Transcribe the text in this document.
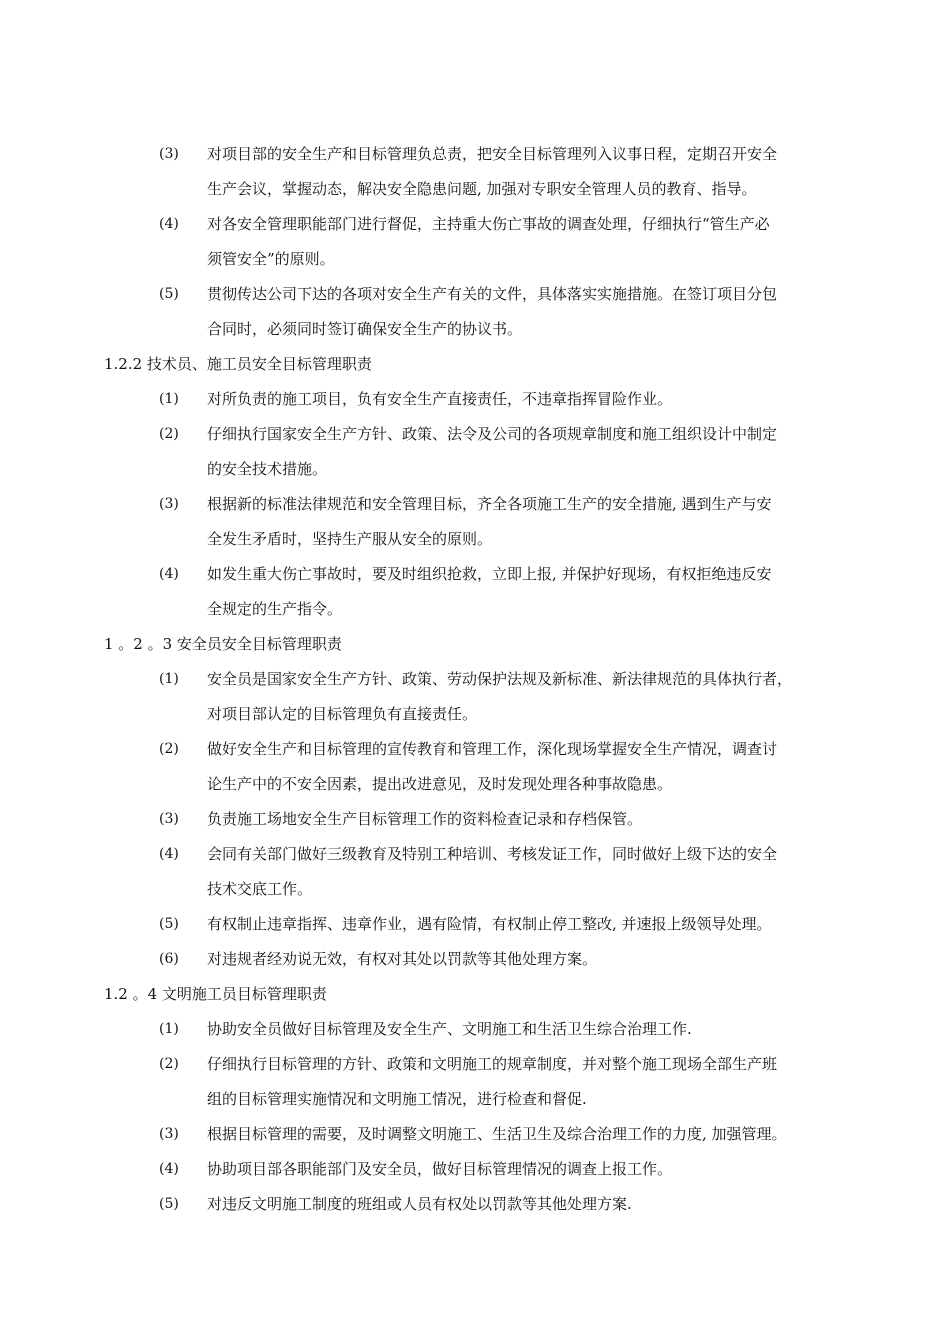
(3)	对项目部的安全生产和目标管理负总责，把安全目标管理列入议事日程，定期召开安全
生产会议，掌握动态，解决安全隐患问题, 加强对专职安全管理人员的教育、指导。
(4)	对各安全管理职能部门进行督促，主持重大伤亡事故的调查处理，仔细执行“管生产必
须管安全”的原则。
(5)	贯彻传达公司下达的各项对安全生产有关的文件，具体落实实施措施。在签订项目分包
合同时，必须同时签订确保安全生产的协议书。
1.2.2 技术员、施工员安全目标管理职责
(1)	对所负责的施工项目，负有安全生产直接责任，不违章指挥冒险作业。
(2)	仔细执行国家安全生产方针、政策、法令及公司的各项规章制度和施工组织设计中制定
的安全技术措施。
(3)	根据新的标准法律规范和安全管理目标，齐全各项施工生产的安全措施, 遇到生产与安
全发生矛盾时，坚持生产服从安全的原则。
(4)	如发生重大伤亡事故时，要及时组织抢救，立即上报, 并保护好现场，有权拒绝违反安
全规定的生产指令。
1 。2 。3 安全员安全目标管理职责
(1)	安全员是国家安全生产方针、政策、劳动保护法规及新标准、新法律规范的具体执行者，
对项目部认定的目标管理负有直接责任。
(2)	做好安全生产和目标管理的宣传教育和管理工作，深化现场掌握安全生产情况，调查讨
论生产中的不安全因素，提出改进意见，及时发现处理各种事故隐患。
(3)	负责施工场地安全生产目标管理工作的资料检查记录和存档保管。
(4)	会同有关部门做好三级教育及特别工种培训、考核发证工作，同时做好上级下达的安全
技术交底工作。
(5)	有权制止违章指挥、违章作业，遇有险情，有权制止停工整改, 并速报上级领导处理。
(6)	对违规者经劝说无效，有权对其处以罚款等其他处理方案。
1.2 。4 文明施工员目标管理职责
(1)	协助安全员做好目标管理及安全生产、文明施工和生活卫生综合治理工作.
(2)	仔细执行目标管理的方针、政策和文明施工的规章制度，并对整个施工现场全部生产班
组的目标管理实施情况和文明施工情况，进行检查和督促.
(3)	根据目标管理的需要，及时调整文明施工、生活卫生及综合治理工作的力度, 加强管理。
(4)	协助项目部各职能部门及安全员，做好目标管理情况的调查上报工作。
(5)	对违反文明施工制度的班组或人员有权处以罚款等其他处理方案.
